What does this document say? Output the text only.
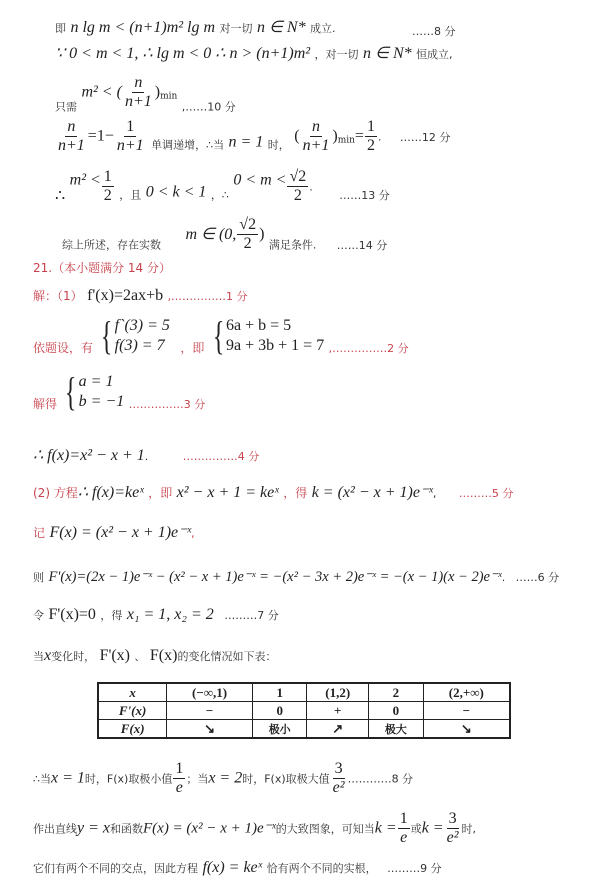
即 n lg m < (n+1)m² lg m 对一切 n ∈ N* 成立.	……8 分
∵ 0 < m < 1, ∴ lg m < 0 ∴ n > (n+1)m² ，对一切 n ∈ N* 恒成立,
$_{只需}$ m² < ( $\frac{n}{n+1} )_{min}$ $_{,\dots\dots 10 分}$
$\frac{n}{n+1} =1- \frac{1}{n+1} _{单调递增,\therefore 当}$ n = 1 $_{时,}$ ( $\frac{n}{n+1} )_{min}= \frac{1}{2}$ . ……12 分
∴ $m^2 < \frac{1}{2} _{,且}$ 0 < k < 1 $_{,\therefore}$ $0 < m < \frac{√2}{2}$ . $_{\dots\dots 13 分}$
$_{综上所述,存在实数}$ m ∈ (0, $\frac{√2}{2}$ ) $_{满足条件.}$ $_{\dots\dots 14 分}$
21.（本小题满分 14 分）
解：（1） f'(x)=2ax+b ,……………1 分
依题设，有 { f`(3) = 5
f(3) = 7	，即 { 6a + b = 5
9a + 3b + 1 = 7 $_{,\dots\dots\dots\dots\dots 2 分}$
解得 { a = 1
b = −1 $_{\dots\dots\dots\dots\dots 3 分}$
∴ f(x)=x² − x + 1.	……………4 分
(2) 方程∴ f(x)=keˣ ，即 x² − x + 1 = keˣ ，得 k = (x² − x + 1)e⁻ˣ, ………5 分
记 F(x) = (x² − x + 1)e⁻ˣ,
则 F'(x)=(2x − 1)e⁻ˣ − (x² − x + 1)e⁻ˣ = −(x² − 3x + 2)e⁻ˣ = −(x − 1)(x − 2)e⁻ˣ. ……6 分
令 F'(x)=0 ，得 x₁ = 1, x₂ = 2 ………7 分
当x变化时， F'(x) 、 F(x)的变化情况如下表：
x	(−∞,1)	1	(1,2)	2	(2,+∞)
F'(x)	−	0	+	0	−
F(x)	↘	极小	↗	极大	↘
∴当x = 1时，F(x)取极小值 $\frac{1}{e}$ ；当x = 2时，F(x)取极大值 $\frac{3}{\text{e²}}$ …………8 分
作出直线y = x和函数F(x) = (x² − x + 1)e⁻ˣ的大致图象，可知当$k = \frac{1}{e}$ 或$k = \frac{3}{\text{e²}}$ 时,
它们有两个不同的交点，因此方程 f(x) = keˣ 恰有两个不同的实根， ………9 分
